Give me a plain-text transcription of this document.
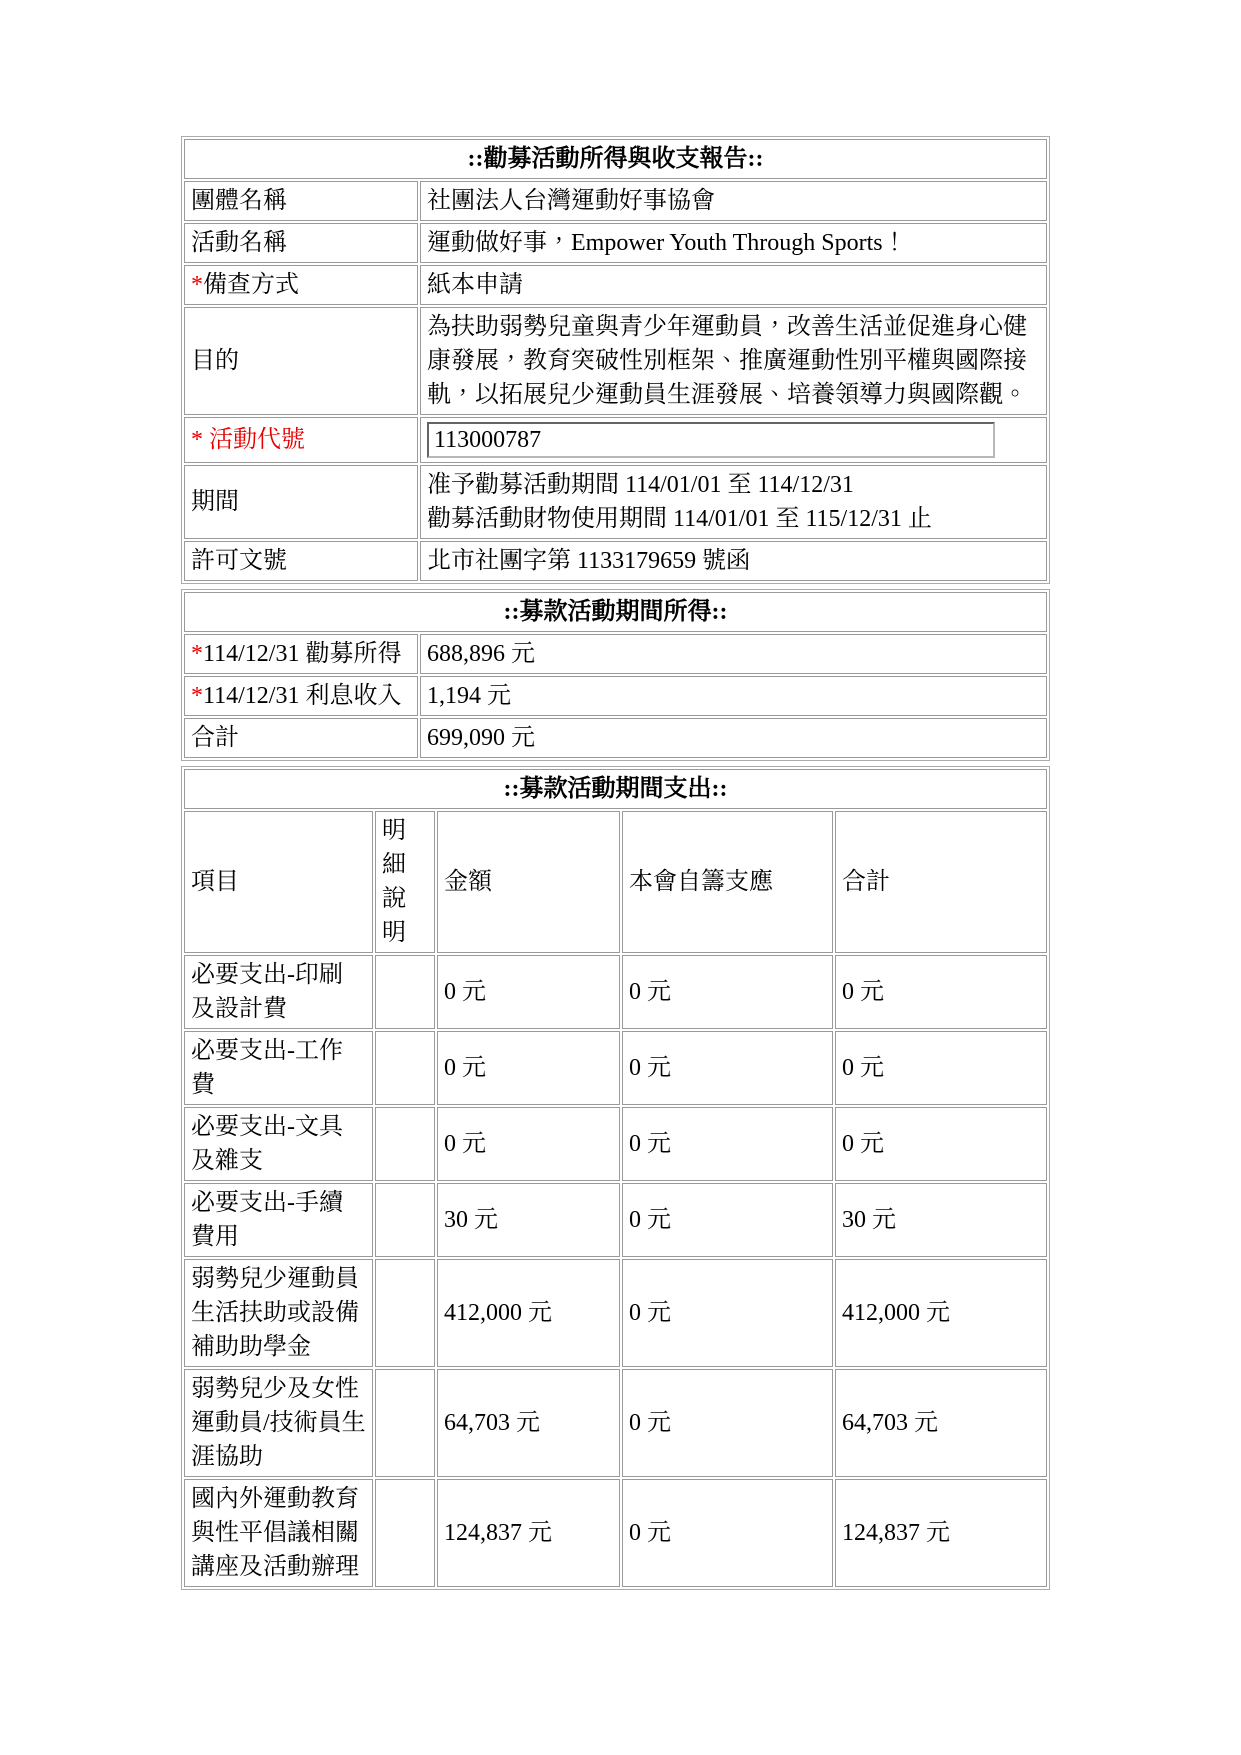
::勸募活動所得與收支報告::	
團體名稱	社團法人台灣運動好事協會
活動名稱	運動做好事，Empower Youth Through Sports！
*備查方式	紙本申請
目的	為扶助弱勢兒童與青少年運動員，改善生活並促進身心健康發展，教育突破性別框架、推廣運動性別平權與國際接軌，以拓展兒少運動員生涯發展、培養領導力與國際觀。
* 活動代號	113000787
期間	准予勸募活動期間 114/01/01 至 114/12/31
勸募活動財物使用期間 114/01/01 至 115/12/31 止

許可文號	北市社團字第 1133179659 號函
::募款活動期間所得::	
*114/12/31 勸募所得	688,896 元
*114/12/31 利息收入	1,194 元
合計	699,090 元
::募款活動期間支出::				
項目	明細說明	金額	本會自籌支應	合計
必要支出-印刷及設計費		0 元	0 元	0 元
必要支出-工作費		0 元	0 元	0 元
必要支出-文具及雜支		0 元	0 元	0 元
必要支出-手續費用		30 元	0 元	30 元
弱勢兒少運動員生活扶助或設備補助助學金		412,000 元	0 元	412,000 元
弱勢兒少及女性運動員/技術員生涯協助		64,703 元	0 元	64,703 元
國內外運動教育與性平倡議相關講座及活動辦理		124,837 元	0 元	124,837 元
